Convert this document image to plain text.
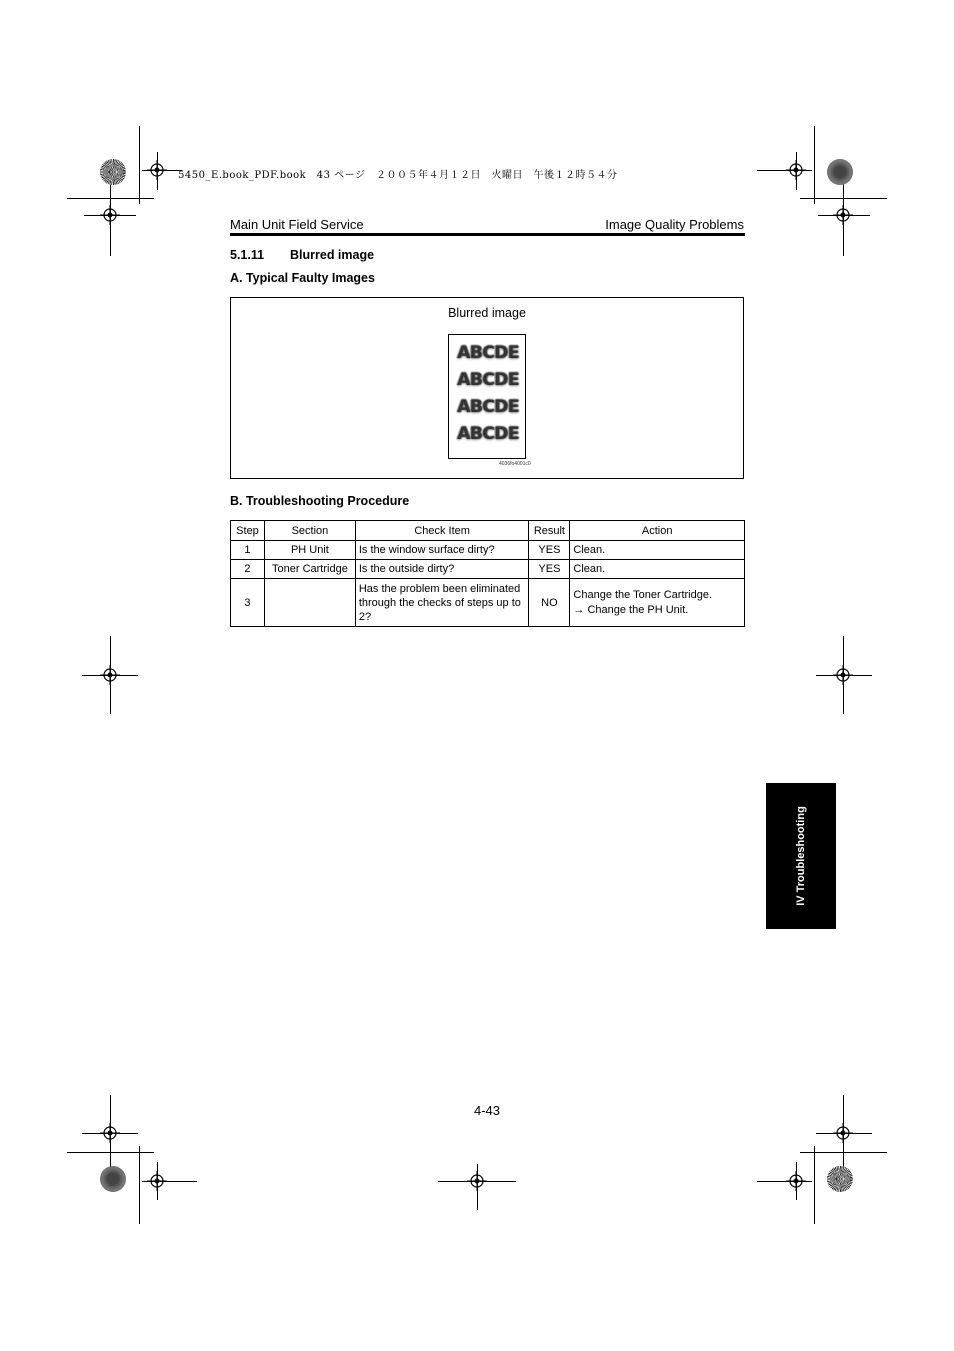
5450_E.book_PDF.book　43 ページ　２００５年４月１２日　火曜日　午後１２時５４分
Main Unit Field Service	Image Quality Problems
5.1.11 Blurred image
A. Typical Faulty Images
Blurred image
ABCDE
ABCDE
ABCDE
ABCDE
4036fo4001c0
B. Troubleshooting Procedure
Step	Section	Check Item	Result	Action
1	PH Unit	Is the window surface dirty?	YES	Clean.
2	Toner Cartridge	Is the outside dirty?	YES	Clean.
3		Has the problem been eliminated through the checks of steps up to 2?	NO	Change the Toner Cartridge.
→ Change the PH Unit.
4-43
IV Troubleshooting
